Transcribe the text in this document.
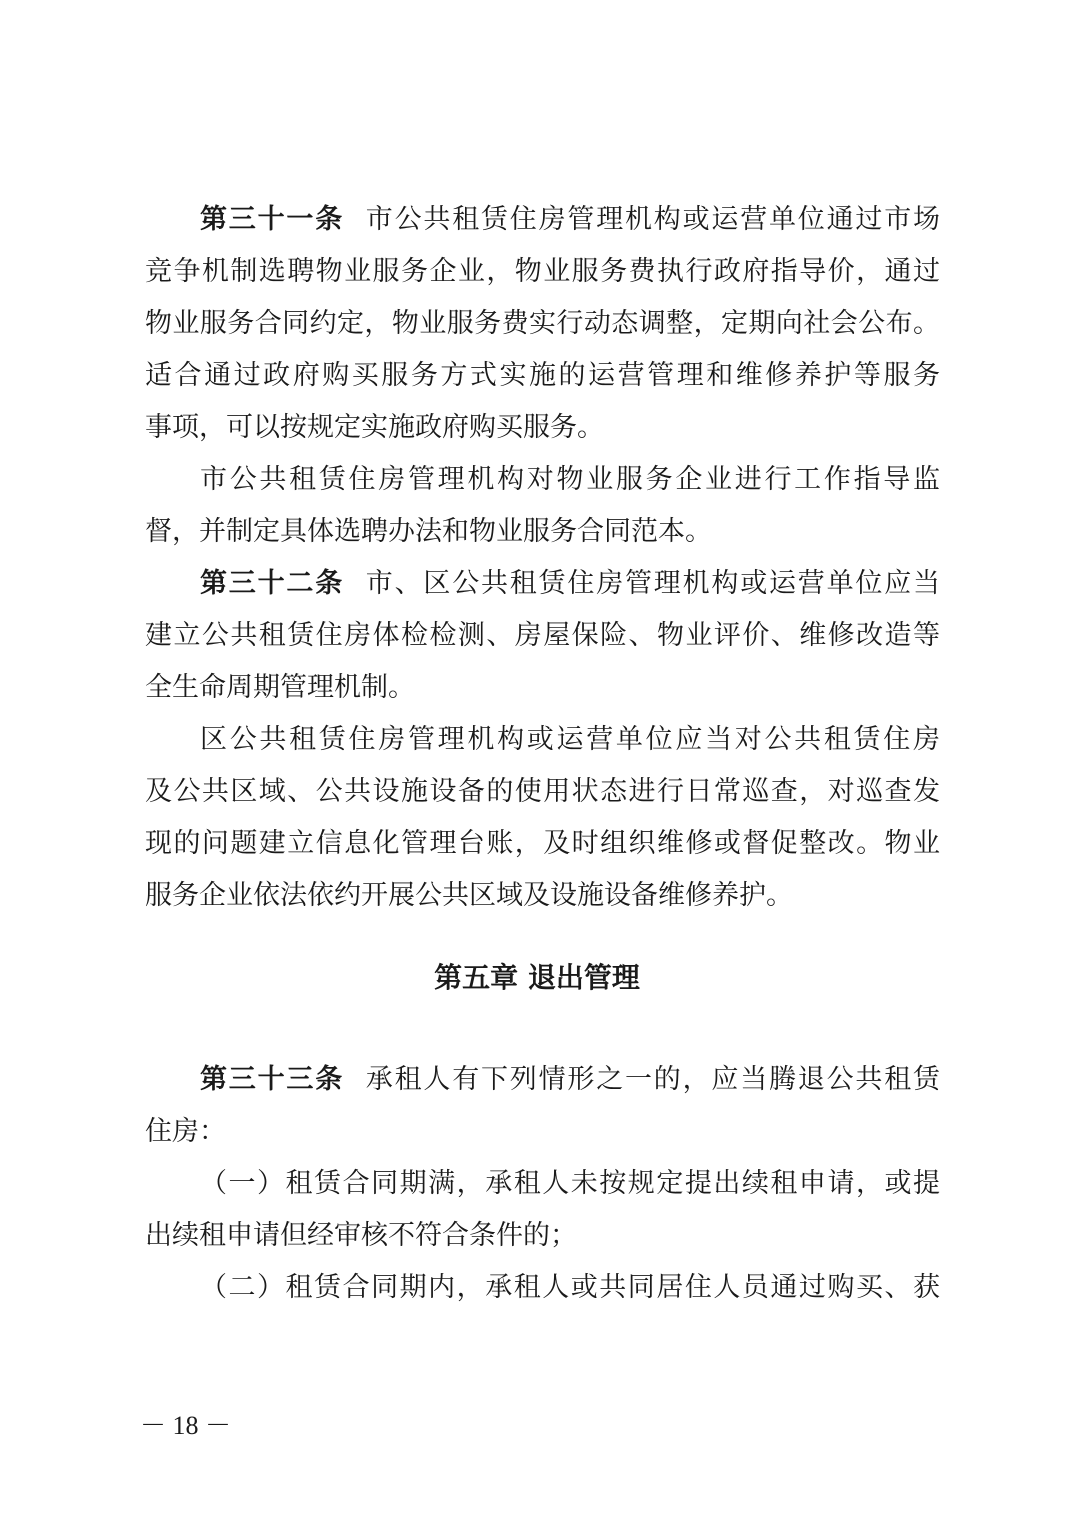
第三十一条 市公共租赁住房管理机构或运营单位通过市场
竞争机制选聘物业服务企业，物业服务费执行政府指导价，通过
物业服务合同约定，物业服务费实行动态调整，定期向社会公布。
适合通过政府购买服务方式实施的运营管理和维修养护等服务
事项，可以按规定实施政府购买服务。
市公共租赁住房管理机构对物业服务企业进行工作指导监
督，并制定具体选聘办法和物业服务合同范本。
第三十二条 市、区公共租赁住房管理机构或运营单位应当
建立公共租赁住房体检检测、房屋保险、物业评价、维修改造等
全生命周期管理机制。
区公共租赁住房管理机构或运营单位应当对公共租赁住房
及公共区域、公共设施设备的使用状态进行日常巡查，对巡查发
现的问题建立信息化管理台账，及时组织维修或督促整改。物业
服务企业依法依约开展公共区域及设施设备维修养护。
第五章 退出管理
第三十三条 承租人有下列情形之一的，应当腾退公共租赁
住房：
（一）租赁合同期满，承租人未按规定提出续租申请，或提
出续租申请但经审核不符合条件的；
（二）租赁合同期内，承租人或共同居住人员通过购买、获
－ 18 －
